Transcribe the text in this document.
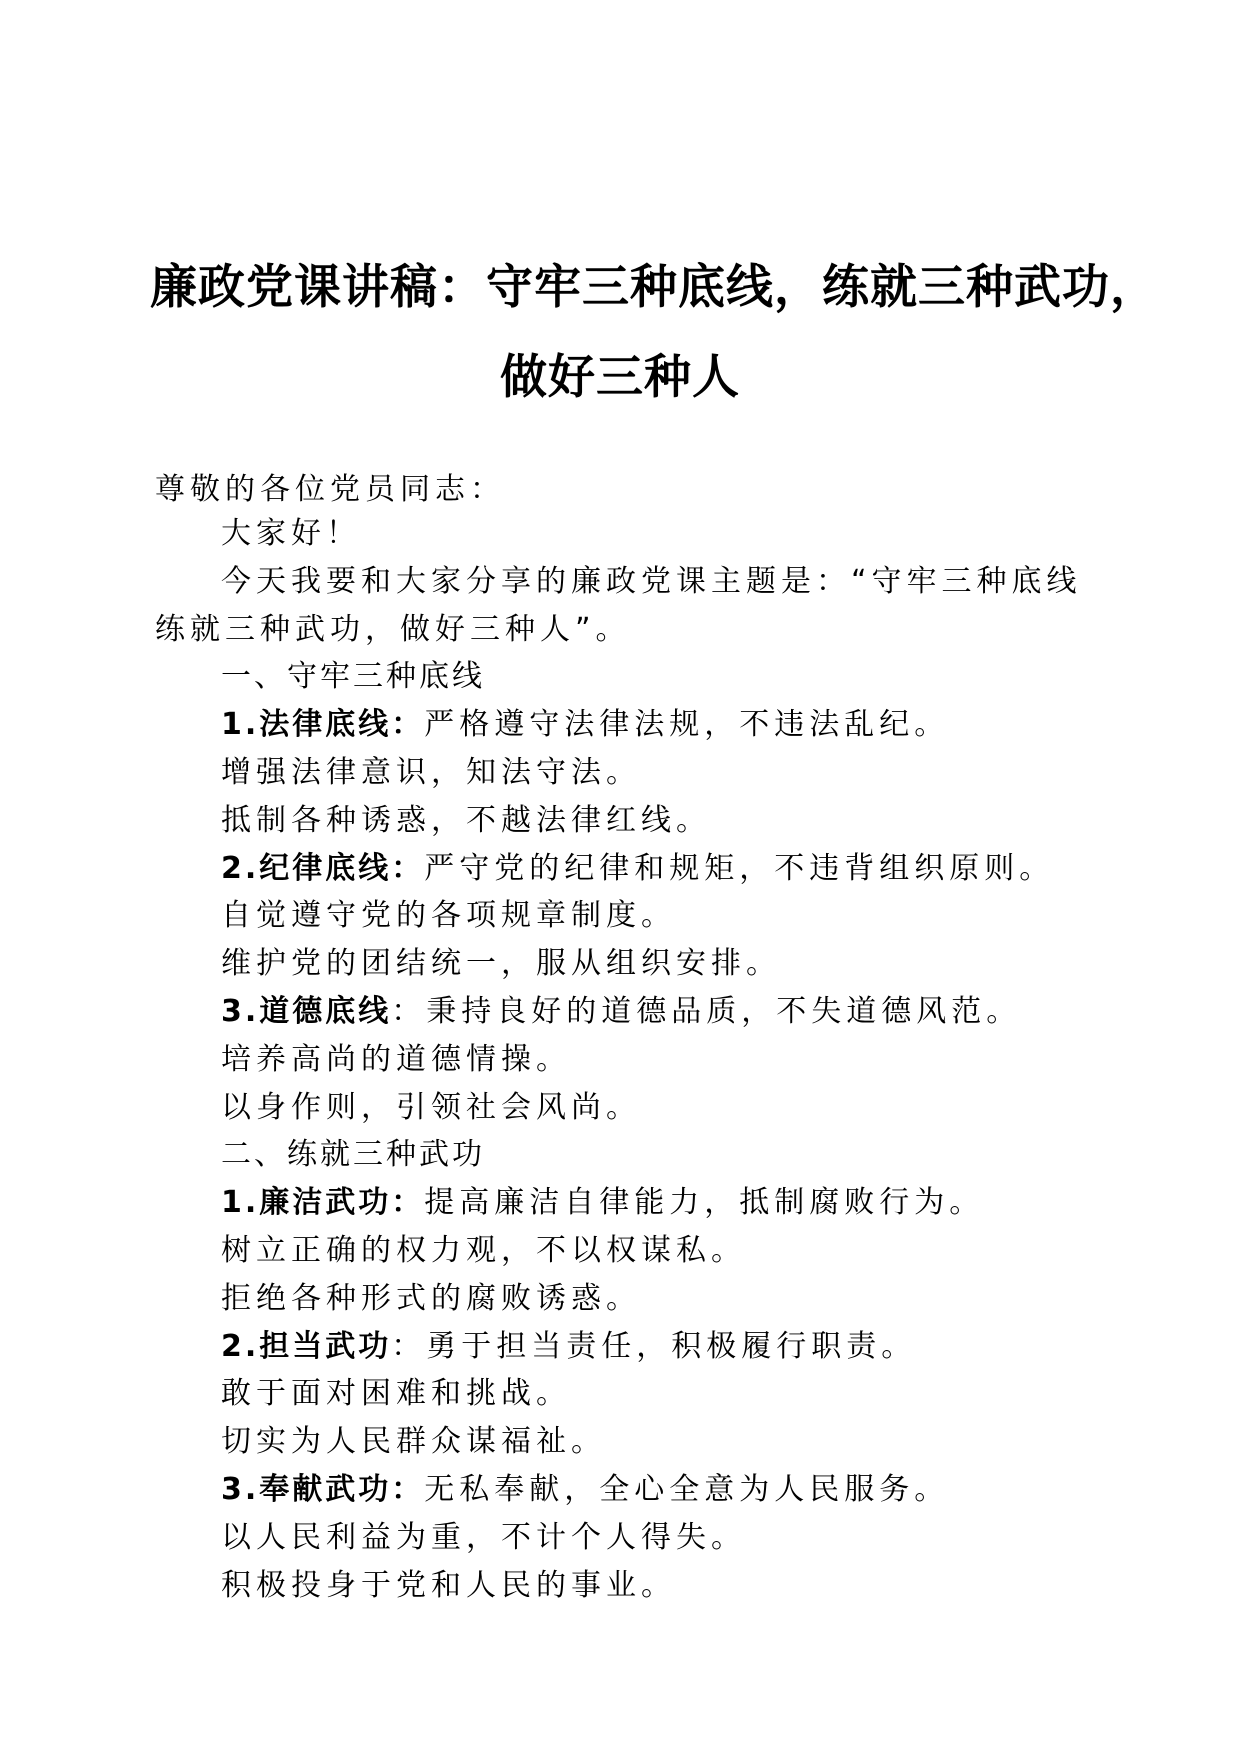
廉政党课讲稿：守牢三种底线，练就三种武功，
做好三种人
尊敬的各位党员同志：
大家好！
今天我要和大家分享的廉政党课主题是：“守牢三种底线
练就三种武功，做好三种人”。
一、守牢三种底线
1.法律底线：严格遵守法律法规，不违法乱纪。
增强法律意识，知法守法。
抵制各种诱惑，不越法律红线。
2.纪律底线：严守党的纪律和规矩，不违背组织原则。
自觉遵守党的各项规章制度。
维护党的团结统一，服从组织安排。
3.道德底线：秉持良好的道德品质，不失道德风范。
培养高尚的道德情操。
以身作则，引领社会风尚。
二、练就三种武功
1.廉洁武功：提高廉洁自律能力，抵制腐败行为。
树立正确的权力观，不以权谋私。
拒绝各种形式的腐败诱惑。
2.担当武功：勇于担当责任，积极履行职责。
敢于面对困难和挑战。
切实为人民群众谋福祉。
3.奉献武功：无私奉献，全心全意为人民服务。
以人民利益为重，不计个人得失。
积极投身于党和人民的事业。
